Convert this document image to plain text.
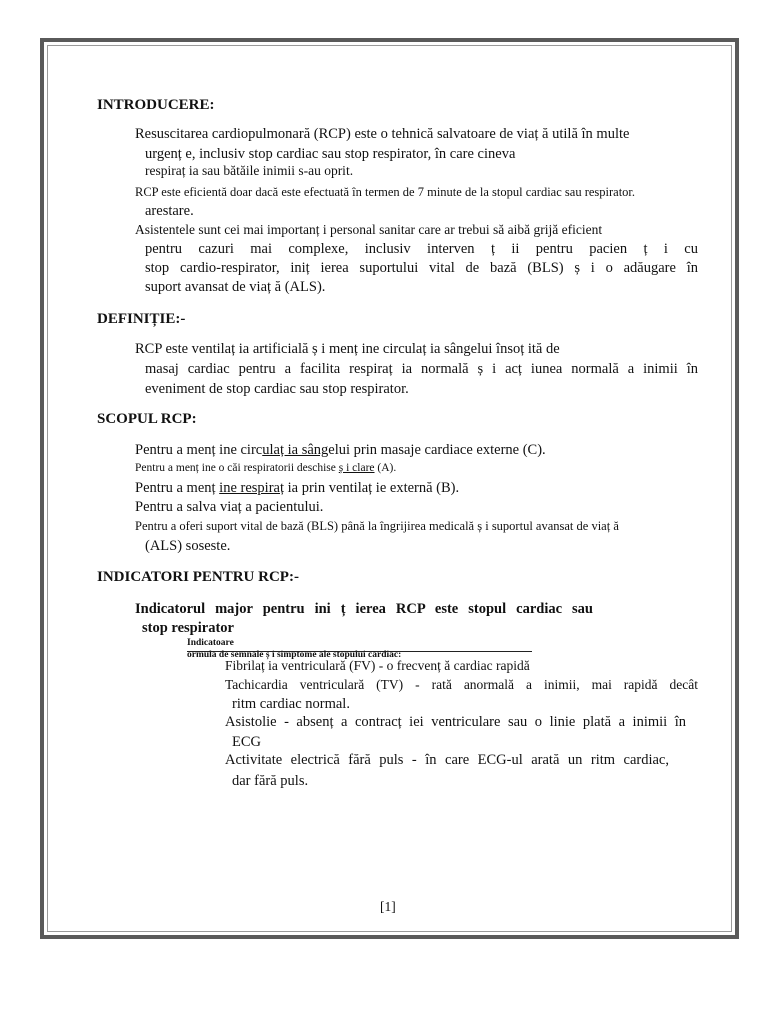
INTRODUCERE:
Resuscitarea cardiopulmonară (RCP) este o tehnică salvatoare de viaț ă utilă în multe
urgenț e, inclusiv stop cardiac sau stop respirator, în care cineva
respiraț ia sau bătăile inimii s-au oprit.
RCP este eficientă doar dacă este efectuată în termen de 7 minute de la stopul cardiac sau respirator.
arestare.
Asistentele sunt cei mai importanț i personal sanitar care ar trebui să aibă grijă eficient
pentru cazuri mai complexe, inclusiv interven ț ii pentru pacien ț i cu
stop cardio-respirator, iniț ierea suportului vital de bază (BLS) ș i o adăugare în
suport avansat de viaț ă (ALS).
DEFINIȚIE:-
RCP este ventilaț ia artificială ș i menț ine circulaț ia sângelui însoț ită de
masaj cardiac pentru a facilita respiraț ia normală ș i acț iunea normală a inimii în
eveniment de stop cardiac sau stop respirator.
SCOPUL RCP:
Pentru a menț ine circulaț ia sângelui prin masaje cardiace externe (C).
Pentru a menț ine o căi respiratorii deschise ș i clare (A).
Pentru a menț ine respiraț ia prin ventilaț ie externă (B).
Pentru a salva viaț a pacientului.
Pentru a oferi suport vital de bază (BLS) până la îngrijirea medicală ș i suportul avansat de viaț ă
(ALS) soseste.
INDICATORI PENTRU RCP:-
Indicatorul major pentru ini ț ierea RCP este stopul cardiac sau
stop respirator
Indicatoare
ormula de semnale ș i simptome ale stopului cardiac:
Fibrilaț ia ventriculară (FV) - o frecvenț ă cardiac rapidă
Tachicardia ventriculară (TV) - rată anormală a inimii, mai rapidă decât
ritm cardiac normal.
Asistolie - absenț a contracț iei ventriculare sau o linie plată a inimii în
ECG
Activitate electrică fără puls - în care ECG-ul arată un ritm cardiac,
dar fără puls.
[1]
